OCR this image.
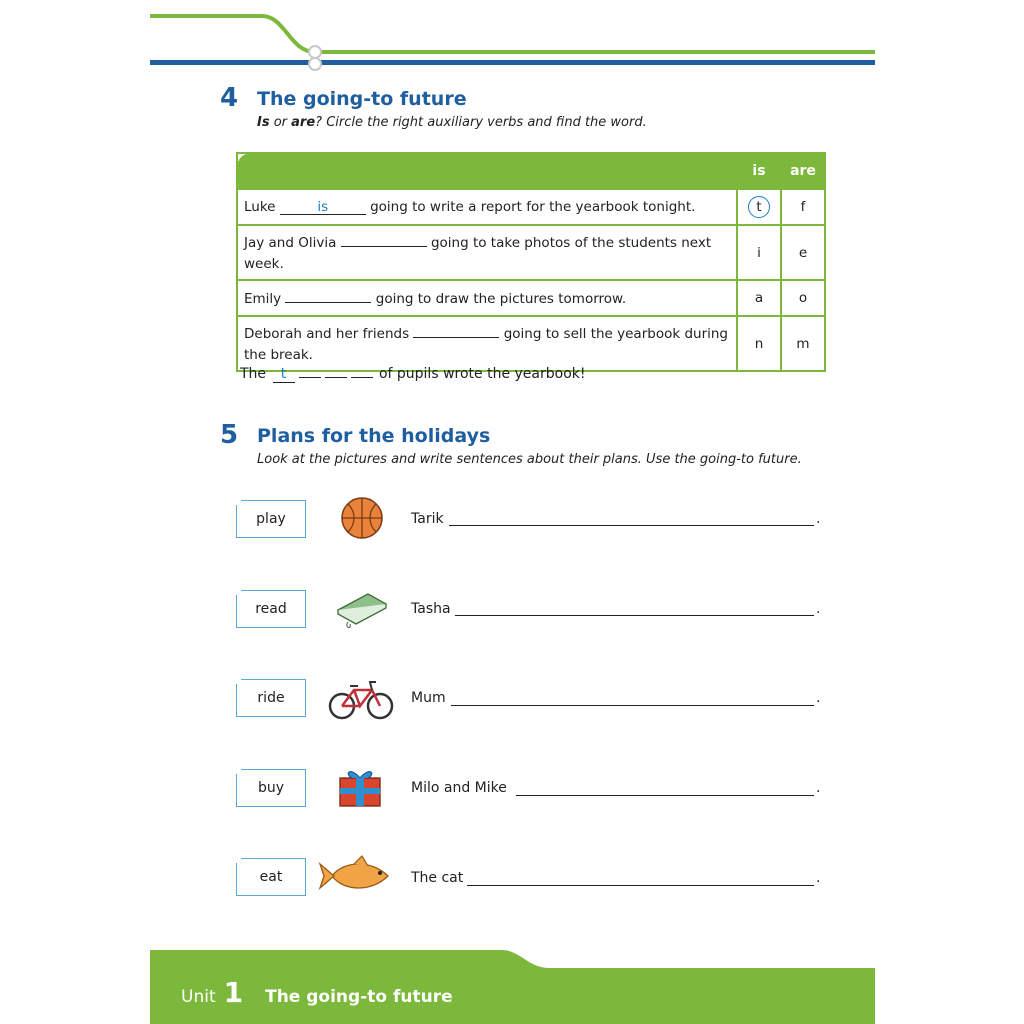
4 The going-to future
Is or are? Circle the right auxiliary verbs and find the word.
	is	are
Luke is going to write a report for the yearbook tonight.	t	f
Jay and Olivia going to take photos of the students next week.	i	e
Emily going to draw the pictures tomorrow.	a	o
Deborah and her friends going to sell the yearbook during the break.	n	m
The t	of pupils wrote the yearbook!
5 Plans for the holidays
Look at the pictures and write sentences about their plans. Use the going-to future.
play	Tarik	.
read	Tasha	.
ride	Mum	.
buy	Milo and Mike	.
eat	The cat	.
Unit 1 The going-to future
